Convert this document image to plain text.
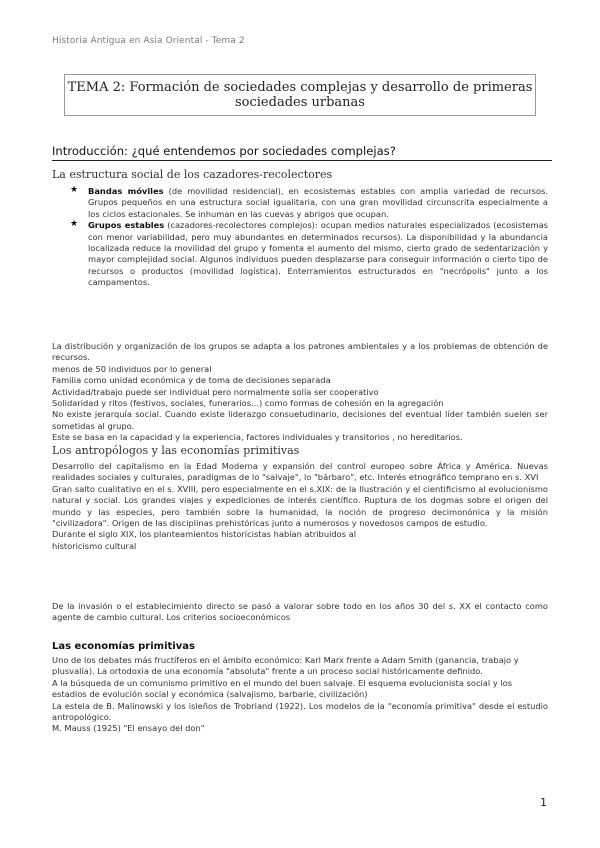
Historia Antigua en Asia Oriental - Tema 2
TEMA 2: Formación de sociedades complejas y desarrollo de primeras
sociedades urbanas
Introducción: ¿qué entendemos por sociedades complejas?
La estructura social de los cazadores-recolectores
★ Bandas móviles (de movilidad residencial), en ecosistemas estables con amplia variedad de recursos. Grupos pequeños en una estructura social igualitaria, con una gran movilidad circunscrita especialmente a los ciclos estacionales. Se inhuman en las cuevas y abrigos que ocupan.
★ Grupos estables (cazadores-recolectores complejos): ocupan medios naturales especializados (ecosistemas con menor variabilidad, pero muy abundantes en determinados recursos). La disponibilidad y la abundancia localizada reduce la movilidad del grupo y fomenta el aumento del mismo, cierto grado de sedentarización y mayor complejidad social. Algunos individuos pueden desplazarse para conseguir información o cierto tipo de recursos o productos (movilidad logística). Enterramientos estructurados en "necrópolis" junto a los campamentos.

La distribución y organización de los grupos se adapta a los patrones ambientales y a los problemas de obtención de recursos.

menos de 50 individuos por lo general

Familia como unidad económica y de toma de decisiones separada

Actividad/trabajo puede ser individual pero normalmente solía ser cooperativo

Solidaridad y ritos (festivos, sociales, funerarios...) como formas de cohesión en la agregación

No existe jerarquía social. Cuando existe liderazgo consuetudinario, decisiones del eventual líder también suelen ser sometidas al grupo.

Este se basa en la capacidad y la experiencia, factores individuales y transitorios , no hereditarios.

Los antropólogos y las economías primitivas

Desarrollo del capitalismo en la Edad Moderna y expansión del control europeo sobre África y América. Nuevas realidades sociales y culturales, paradigmas de lo "salvaje", lo "bárbaro", etc. Interés etnográfico temprano en s. XVI

Gran salto cualitativo en el s. XVIII, pero especialmente en el s.XIX: de la Ilustración y el cientificismo al evolucionismo natural y social. Los grandes viajes y expediciones de interés científico. Ruptura de los dogmas sobre el origen del mundo y las especies, pero también sobre la humanidad, la noción de progreso decimonónica y la misión "civilizadora". Origen de las disciplinas prehistóricas junto a numerosos y novedosos campos de estudio.

Durante el siglo XIX, los planteamientos historicistas habían atribuidos al

historicismo cultural

De la invasión o el establecimiento directo se pasó a valorar sobre todo en los años 30 del s. XX el contacto como agente de cambio cultural. Los criterios socioeconómicos

Las economías primitivas

Uno de los debates más fructíferos en el ámbito económico: Karl Marx frente a Adam Smith (ganancia, trabajo y plusvalía). La ortodoxia de una economía "absoluta" frente a un proceso social históricamente definido.

A la búsqueda de un comunismo primitivo en el mundo del buen salvaje. El esquema evolucionista social y los estadios de evolución social y económica (salvajismo, barbarie, civilización)

La estela de B. Malinowski y los isleños de Trobriand (1922). Los modelos de la "economía primitiva" desde el estudio antropológico.

M. Mauss (1925) "El ensayo del don"

1
